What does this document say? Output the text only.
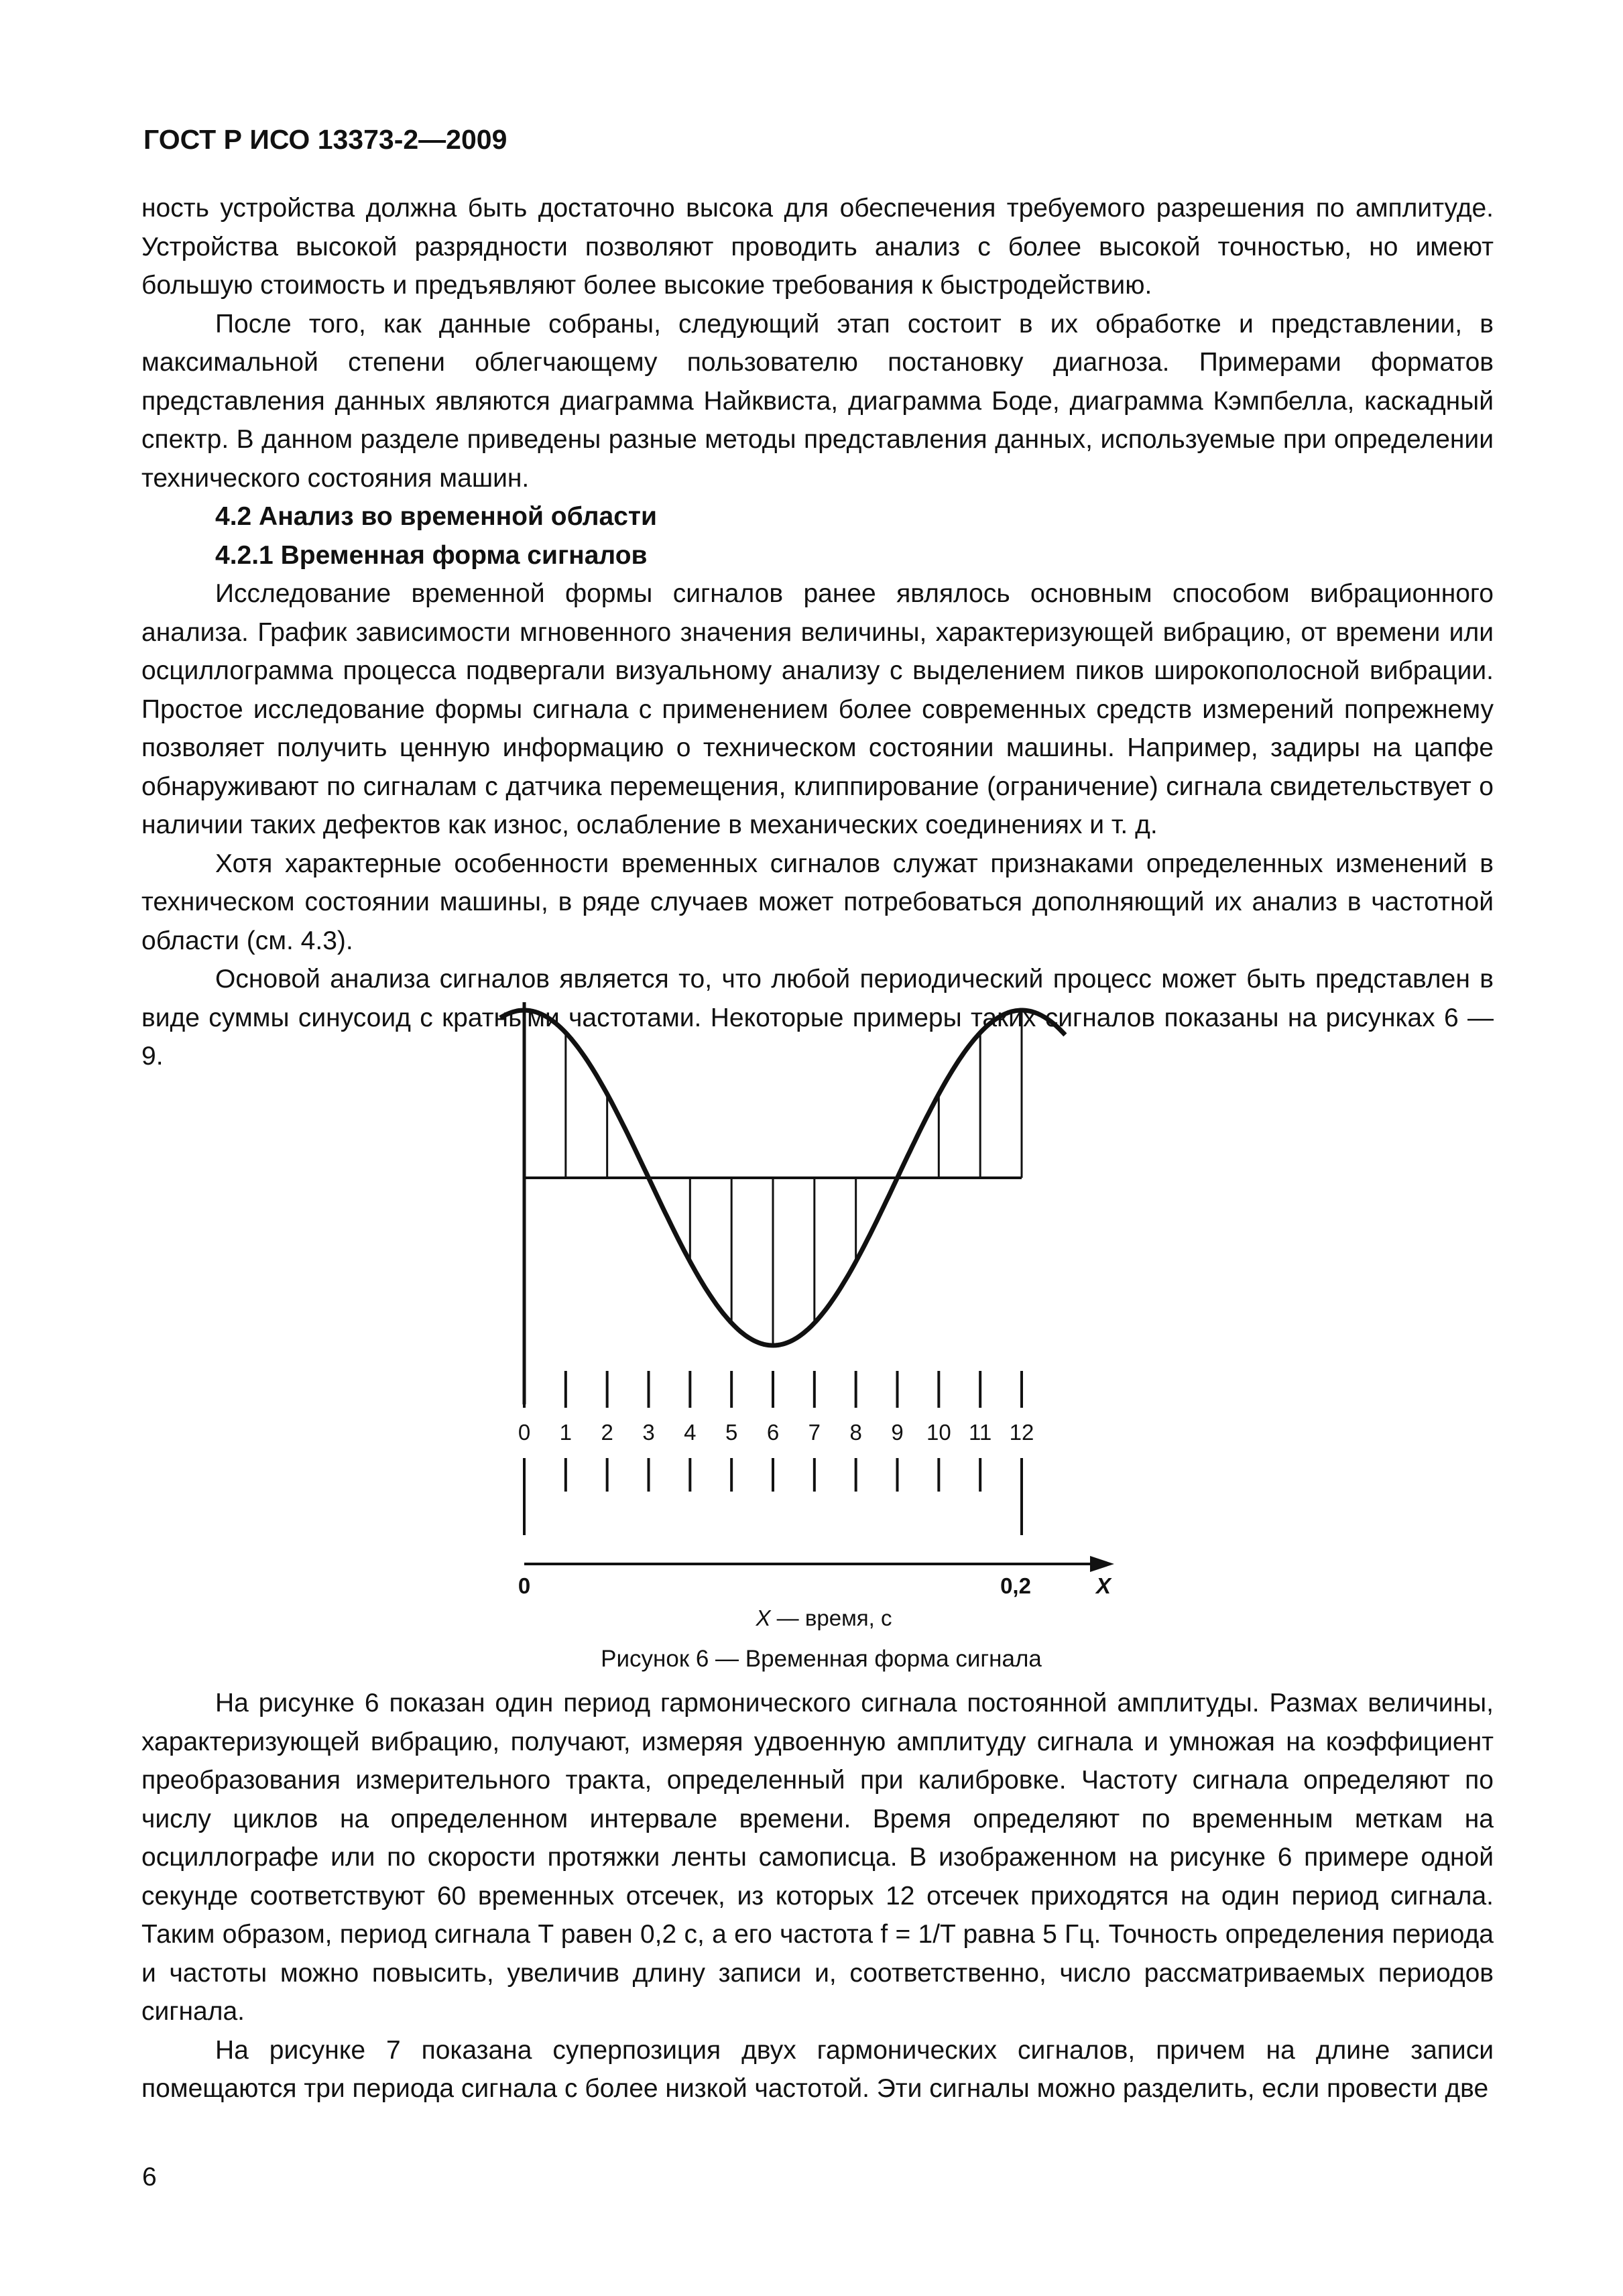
ГОСТ Р ИСО 13373-2—2009

ность устройства должна быть достаточно высока для обеспечения требуемого разрешения по амплитуде. Устройства высокой разрядности позволяют проводить анализ с более высокой точностью, но имеют большую стоимость и предъявляют более высокие требования к быстродействию.

После того, как данные собраны, следующий этап состоит в их обработке и представлении, в максимальной степени облегчающему пользователю постановку диагноза. Примерами форматов представления данных являются диаграмма Найквиста, диаграмма Боде, диаграмма Кэмпбелла, каскадный спектр. В данном разделе приведены разные методы представления данных, используемые при определении технического состояния машин.

4.2 Анализ во временной области
4.2.1 Временная форма сигналов

Исследование временной формы сигналов ранее являлось основным способом вибрационного анализа. График зависимости мгновенного значения величины, характеризующей вибрацию, от времени или осциллограмма процесса подвергали визуальному анализу с выделением пиков широкополосной вибрации. Простое исследование формы сигнала с применением более современных средств измерений попрежнему позволяет получить ценную информацию о техническом состоянии машины. Например, задиры на цапфе обнаруживают по сигналам с датчика перемещения, клиппирование (ограничение) сигнала свидетельствует о наличии таких дефектов как износ, ослабление в механических соединениях и т. д.

Хотя характерные особенности временных сигналов служат признаками определенных изменений в техническом состоянии машины, в ряде случаев может потребоваться дополняющий их анализ в частотной области (см. 4.3).

Основой анализа сигналов является то, что любой периодический процесс может быть представлен в виде суммы синусоид с кратными частотами. Некоторые примеры таких сигналов показаны на рисунках 6 — 9.

0 1 2 3 4 5 6 7 8 9 10 11 12
0	0,2	X
X — время, с
Рисунок 6 — Временная форма сигнала

На рисунке 6 показан один период гармонического сигнала постоянной амплитуды. Размах величины, характеризующей вибрацию, получают, измеряя удвоенную амплитуду сигнала и умножая на коэффициент преобразования измерительного тракта, определенный при калибровке. Частоту сигнала определяют по числу циклов на определенном интервале времени. Время определяют по временным меткам на осциллографе или по скорости протяжки ленты самописца. В изображенном на рисунке 6 примере одной секунде соответствуют 60 временных отсечек, из которых 12 отсечек приходятся на один период сигнала. Таким образом, период сигнала T равен 0,2 с, а его частота f = 1/T равна 5 Гц. Точность определения периода и частоты можно повысить, увеличив длину записи и, соответственно, число рассматриваемых периодов сигнала.

На рисунке 7 показана суперпозиция двух гармонических сигналов, причем на длине записи помещаются три периода сигнала с более низкой частотой. Эти сигналы можно разделить, если провести две

6
